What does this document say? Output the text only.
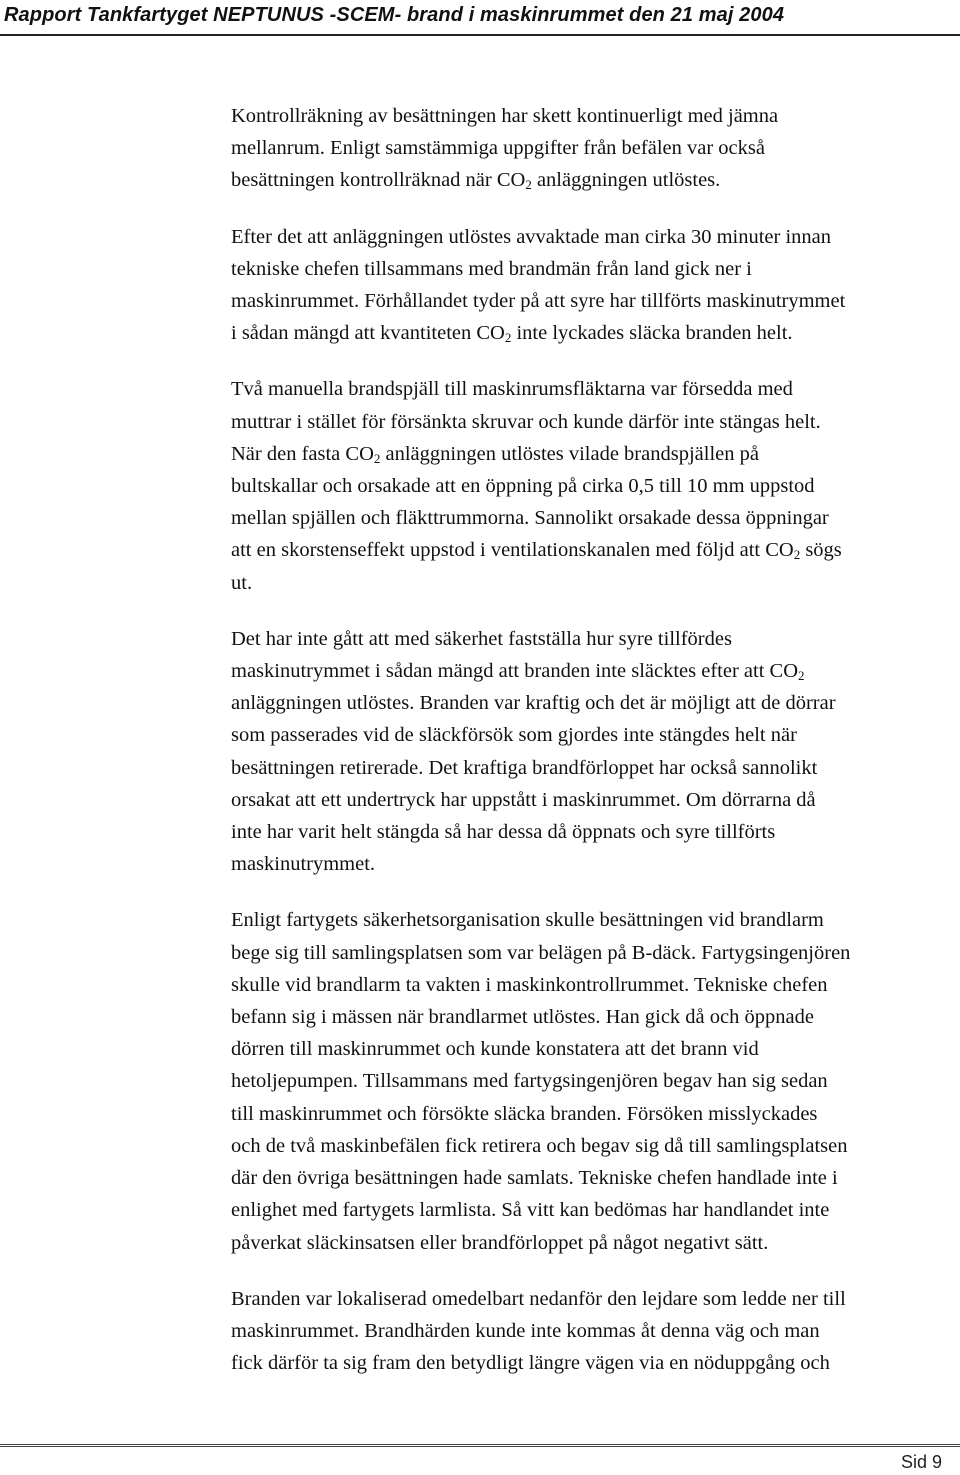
Rapport Tankfartyget NEPTUNUS -SCEM- brand i maskinrummet den 21 maj 2004

Kontrollräkning av besättningen har skett kontinuerligt med jämna
mellanrum. Enligt samstämmiga uppgifter från befälen var också
besättningen kontrollräknad när $CO_2$ anläggningen utlöstes.

Efter det att anläggningen utlöstes avvaktade man cirka 30 minuter innan
tekniske chefen tillsammans med brandmän från land gick ner i
maskinrummet. Förhållandet tyder på att syre har tillförts maskinutrymmet
i sådan mängd att kvantiteten $CO_2$ inte lyckades släcka branden helt.

Två manuella brandspjäll till maskinrumsfläktarna var försedda med
muttrar i stället för försänkta skruvar och kunde därför inte stängas helt.
När den fasta $CO_2$ anläggningen utlöstes vilade brandspjällen på
bultskallar och orsakade att en öppning på cirka 0,5 till 10 mm uppstod
mellan spjällen och fläkttrummorna. Sannolikt orsakade dessa öppningar
att en skorstenseffekt uppstod i ventilationskanalen med följd att $CO_2$ sögs
ut.

Det har inte gått att med säkerhet fastställa hur syre tillfördes
maskinutrymmet i sådan mängd att branden inte släcktes efter att $CO_2$
anläggningen utlöstes. Branden var kraftig och det är möjligt att de dörrar
som passerades vid de släckförsök som gjordes inte stängdes helt när
besättningen retirerade. Det kraftiga brandförloppet har också sannolikt
orsakat att ett undertryck har uppstått i maskinrummet. Om dörrarna då
inte har varit helt stängda så har dessa då öppnats och syre tillförts
maskinutrymmet.

Enligt fartygets säkerhetsorganisation skulle besättningen vid brandlarm
bege sig till samlingsplatsen som var belägen på B-däck. Fartygsingenjören
skulle vid brandlarm ta vakten i maskinkontrollrummet. Tekniske chefen
befann sig i mässen när brandlarmet utlöstes. Han gick då och öppnade
dörren till maskinrummet och kunde konstatera att det brann vid
hetoljepumpen. Tillsammans med fartygsingenjören begav han sig sedan
till maskinrummet och försökte släcka branden. Försöken misslyckades
och de två maskinbefälen fick retirera och begav sig då till samlingsplatsen
där den övriga besättningen hade samlats. Tekniske chefen handlade inte i
enlighet med fartygets larmlista. Så vitt kan bedömas har handlandet inte
påverkat släckinsatsen eller brandförloppet på något negativt sätt.

Branden var lokaliserad omedelbart nedanför den lejdare som ledde ner till
maskinrummet. Brandhärden kunde inte kommas åt denna väg och man
fick därför ta sig fram den betydligt längre vägen via en nöduppgång och

Sid 9
